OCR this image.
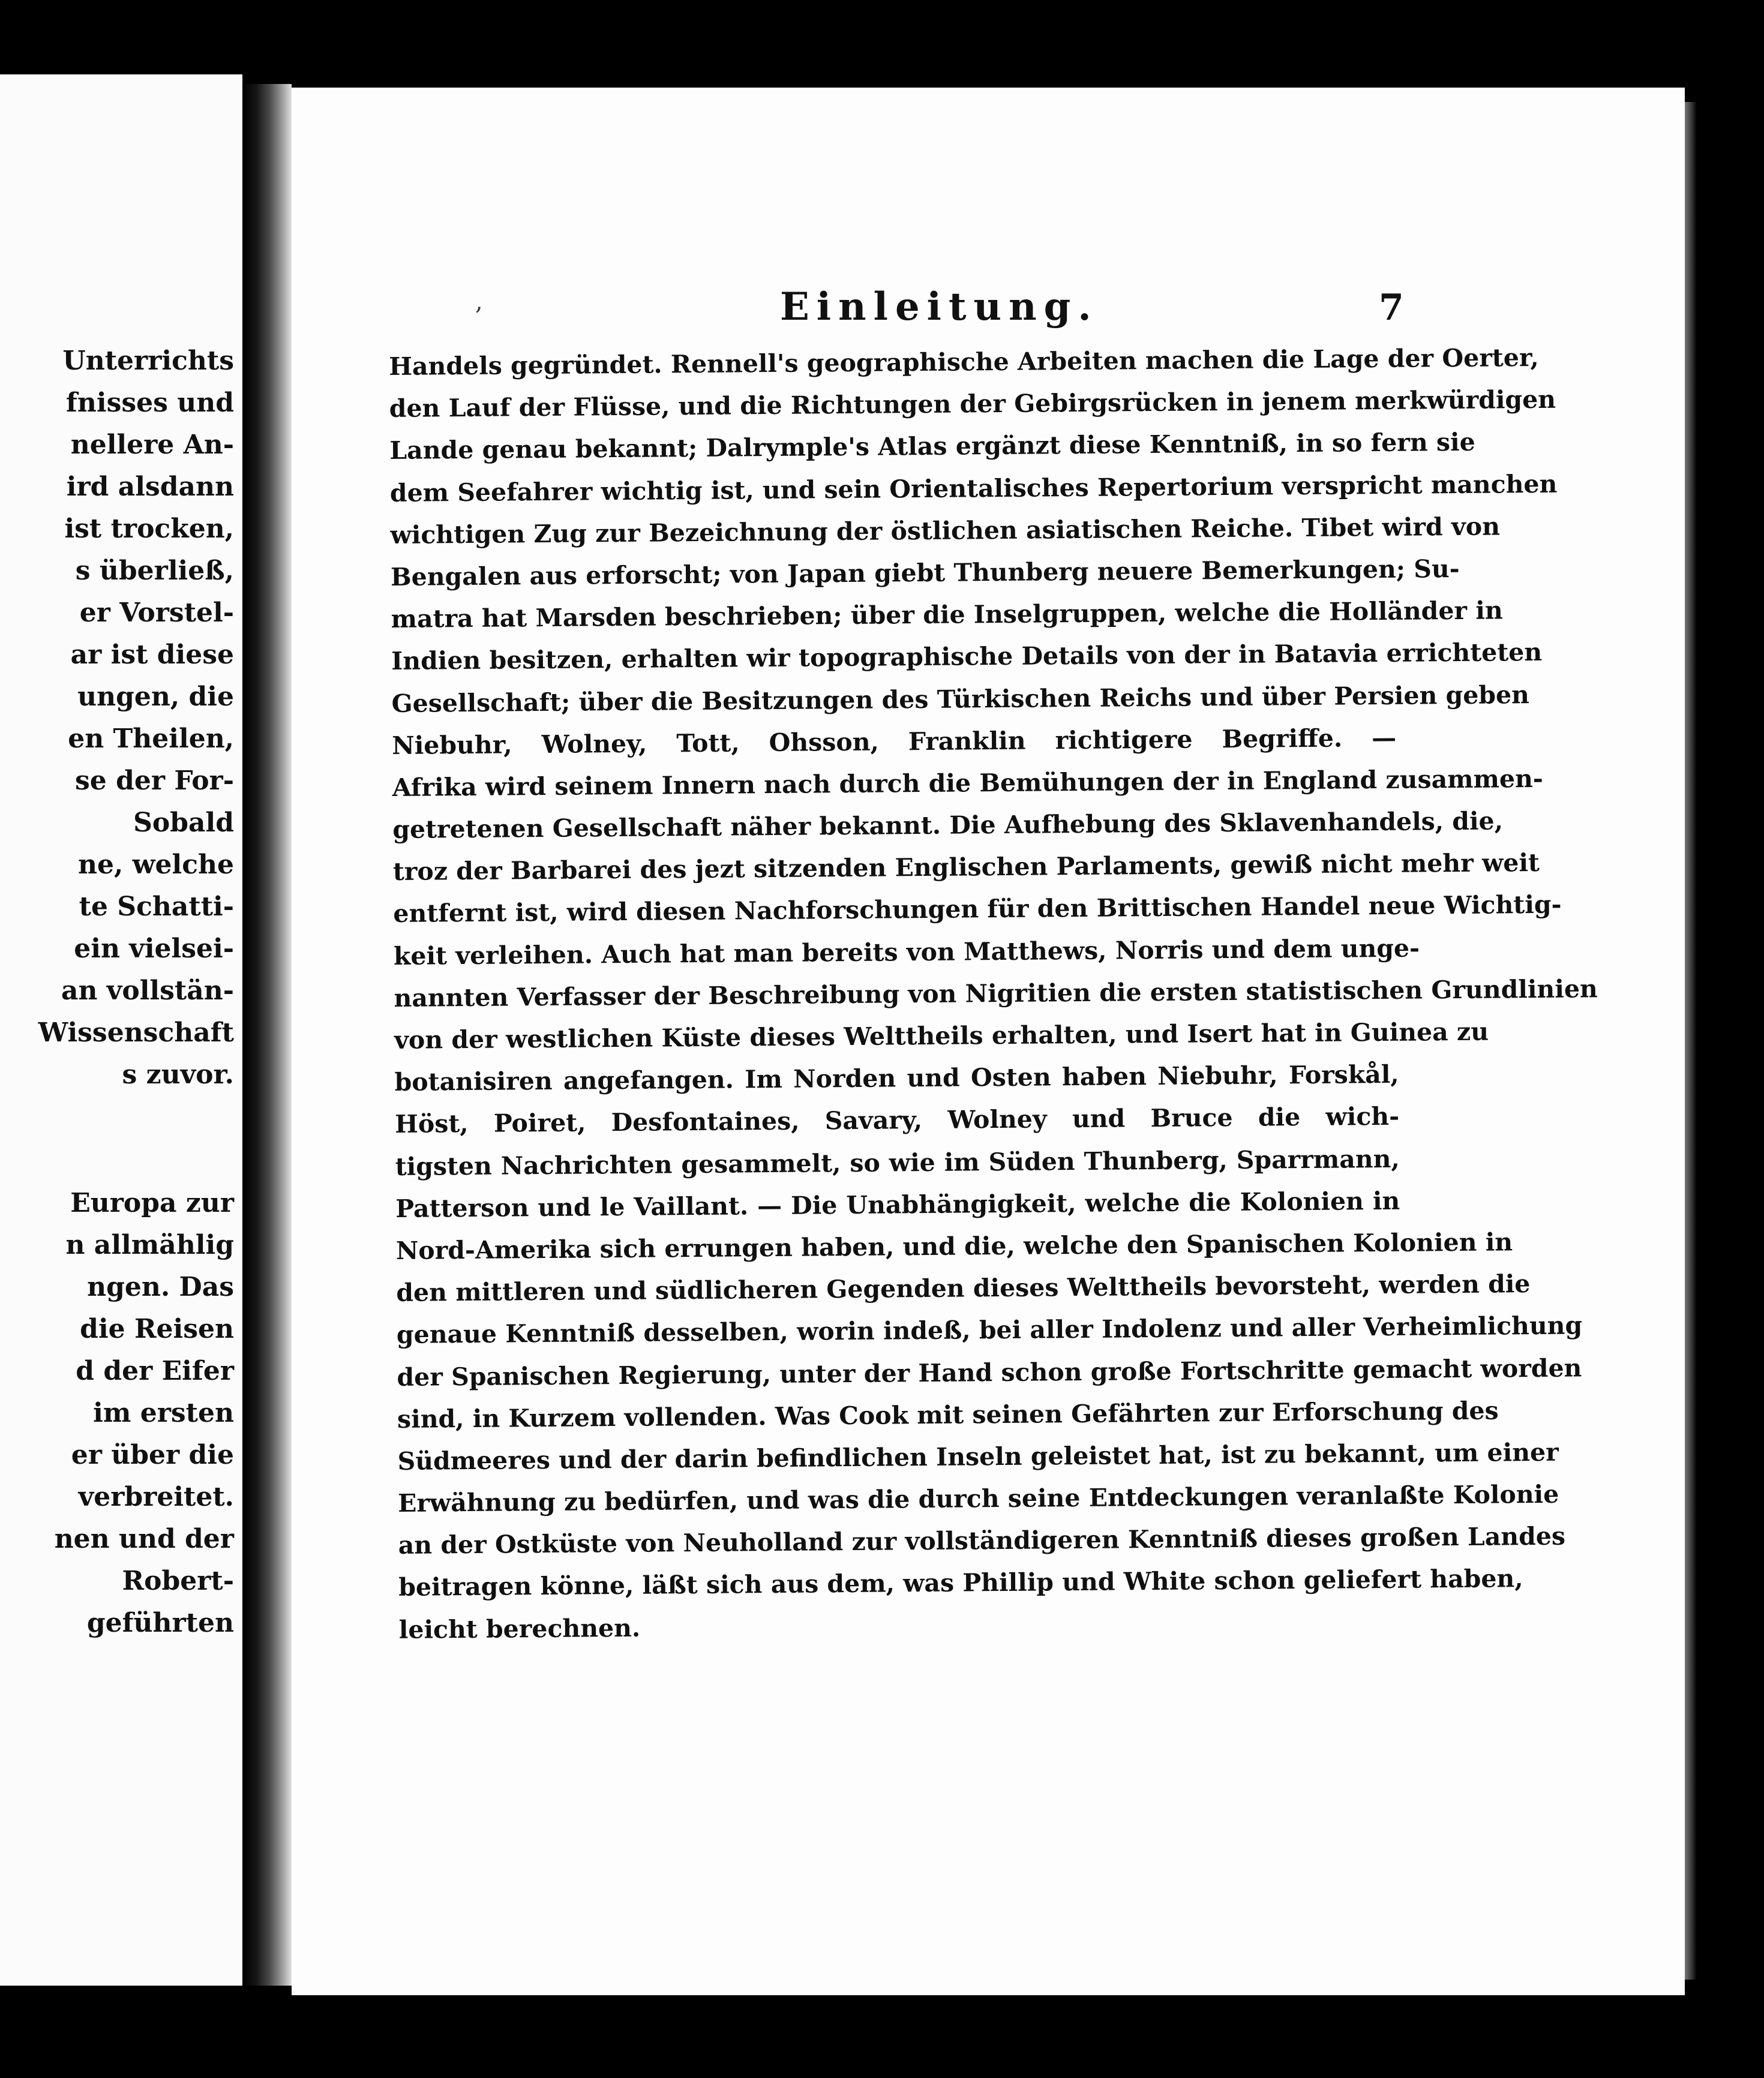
Unterrichts
fnisses und
nellere An-
ird alsdann
ist trocken,
s überließ,
er Vorstel-
ar ist diese
ungen, die
en Theilen,
se der For-
Sobald
ne, welche
te Schatti-
ein vielsei-
an vollstän-
Wissenschaft
s zuvor.
Europa zur
n allmählig
ngen. Das
die Reisen
d der Eifer
im ersten
er über die
verbreitet.
nen und der
Robert-
geführten
,	Einleitung.	7
Handels gegründet. Rennell's geographische Arbeiten machen die Lage der Oerter,
den Lauf der Flüsse, und die Richtungen der Gebirgsrücken in jenem merkwürdigen
Lande genau bekannt; Dalrymple's Atlas ergänzt diese Kenntniß, in so fern sie
dem Seefahrer wichtig ist, und sein Orientalisches Repertorium verspricht manchen
wichtigen Zug zur Bezeichnung der östlichen asiatischen Reiche. Tibet wird von
Bengalen aus erforscht; von Japan giebt Thunberg neuere Bemerkungen; Su-
matra hat Marsden beschrieben; über die Inselgruppen, welche die Holländer in
Indien besitzen, erhalten wir topographische Details von der in Batavia errichteten
Gesellschaft; über die Besitzungen des Türkischen Reichs und über Persien geben
Niebuhr, Wolney, Tott, Ohsson, Franklin richtigere Begriffe. —
Afrika wird seinem Innern nach durch die Bemühungen der in England zusammen-
getretenen Gesellschaft näher bekannt. Die Aufhebung des Sklavenhandels, die,
troz der Barbarei des jezt sitzenden Englischen Parlaments, gewiß nicht mehr weit
entfernt ist, wird diesen Nachforschungen für den Brittischen Handel neue Wichtig-
keit verleihen. Auch hat man bereits von Matthews, Norris und dem unge-
nannten Verfasser der Beschreibung von Nigritien die ersten statistischen Grundlinien
von der westlichen Küste dieses Welttheils erhalten, und Isert hat in Guinea zu
botanisiren angefangen. Im Norden und Osten haben Niebuhr, Forskål,
Höst, Poiret, Desfontaines, Savary, Wolney und Bruce die wich-
tigsten Nachrichten gesammelt, so wie im Süden Thunberg, Sparrmann,
Patterson und le Vaillant. — Die Unabhängigkeit, welche die Kolonien in
Nord-Amerika sich errungen haben, und die, welche den Spanischen Kolonien in
den mittleren und südlicheren Gegenden dieses Welttheils bevorsteht, werden die
genaue Kenntniß desselben, worin indeß, bei aller Indolenz und aller Verheimlichung
der Spanischen Regierung, unter der Hand schon große Fortschritte gemacht worden
sind, in Kurzem vollenden. Was Cook mit seinen Gefährten zur Erforschung des
Südmeeres und der darin befindlichen Inseln geleistet hat, ist zu bekannt, um einer
Erwähnung zu bedürfen, und was die durch seine Entdeckungen veranlaßte Kolonie
an der Ostküste von Neuholland zur vollständigeren Kenntniß dieses großen Landes
beitragen könne, läßt sich aus dem, was Phillip und White schon geliefert haben,
leicht berechnen.
